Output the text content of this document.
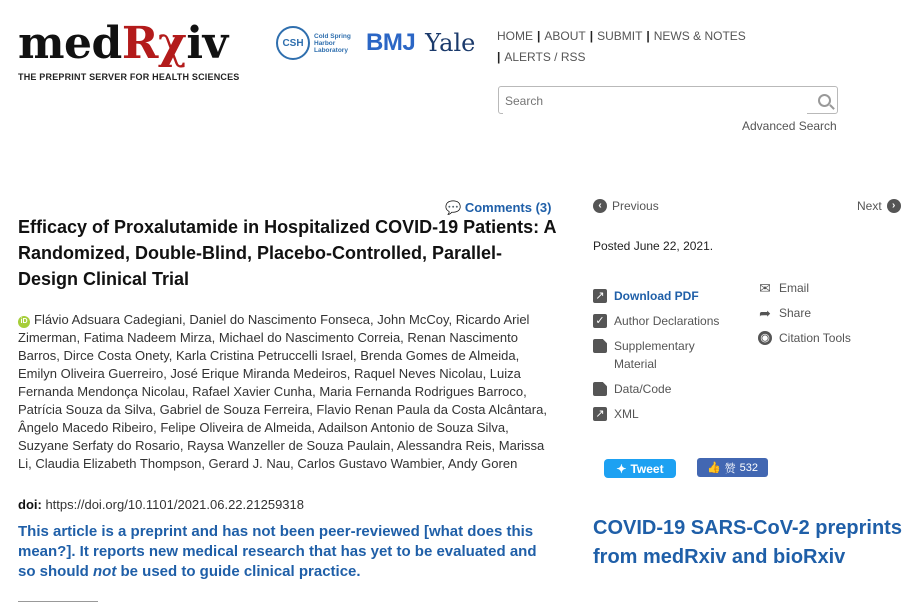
medRχiv
THE PREPRINT SERVER FOR HEALTH SCIENCES
CSH
Cold Spring Harbor Laboratory BMJ Yale HOME | ABOUT | SUBMIT | NEWS & NOTES
| ALERTS / RSS
Search
Advanced Search
💬 Comments (3)
Efficacy of Proxalutamide in Hospitalized COVID-19 Patients: A Randomized, Double-Blind, Placebo-Controlled, Parallel-Design Clinical Trial
iD Flávio Adsuara Cadegiani, Daniel do Nascimento Fonseca, John McCoy, Ricardo Ariel Zimerman, Fatima Nadeem Mirza, Michael do Nascimento Correia, Renan Nascimento Barros, Dirce Costa Onety, Karla Cristina Petruccelli Israel, Brenda Gomes de Almeida, Emilyn Oliveira Guerreiro, José Erique Miranda Medeiros, Raquel Neves Nicolau, Luiza Fernanda Mendonça Nicolau, Rafael Xavier Cunha, Maria Fernanda Rodrigues Barroco, Patrícia Souza da Silva, Gabriel de Souza Ferreira, Flavio Renan Paula da Costa Alcântara, Ângelo Macedo Ribeiro, Felipe Oliveira de Almeida, Adailson Antonio de Souza Silva, Suzyane Serfaty do Rosario, Raysa Wanzeller de Souza Paulain, Alessandra Reis, Marissa Li, Claudia Elizabeth Thompson, Gerard J. Nau, Carlos Gustavo Wambier, Andy Goren
doi: https://doi.org/10.1101/2021.06.22.21259318
This article is a preprint and has not been peer-reviewed [what does this mean?]. It reports new medical research that has yet to be evaluated and so should not be used to guide clinical practice.
‹ Previous	Next	›
Posted June 22, 2021.
↗ Download PDF
✓ Author Declarations
Supplementary Material
Data/Code
↗ XML
✉ Email
➦ Share
◉ Citation Tools
✦ Tweet	👍 赞 532
COVID-19 SARS-CoV-2 preprints from medRxiv and bioRxiv
